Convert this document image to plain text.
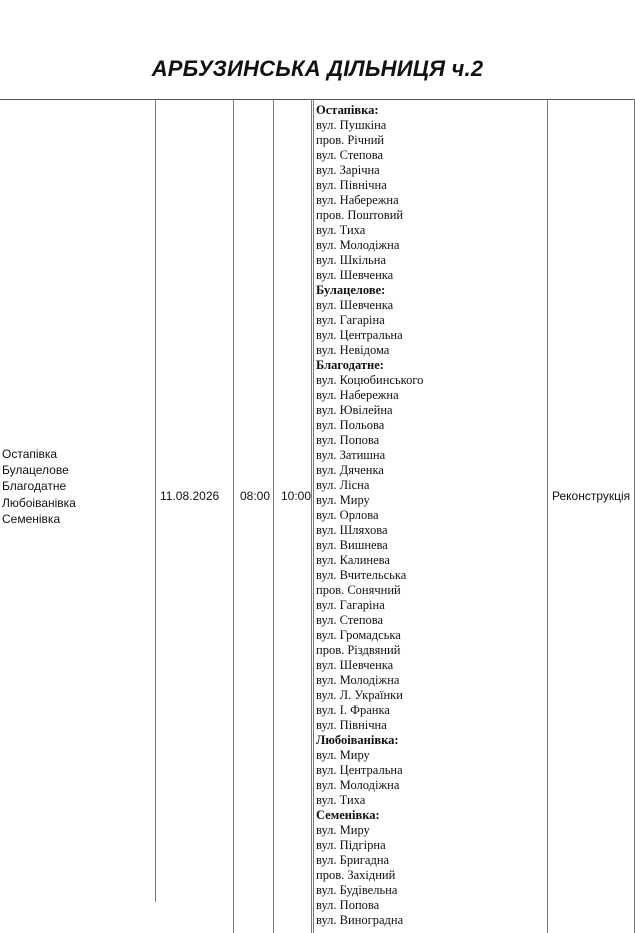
АРБУЗИНСЬКА ДІЛЬНИЦЯ ч.2
Остапівка
Булацелове
Благодатне
Любоіванівка
Семенівка
11.08.2026 08:00 10:00
Остапівка:
вул. Пушкіна
пров. Річний
вул. Степова
вул. Зарічна
вул. Північна
вул. Набережна
пров. Поштовий
вул. Тиха
вул. Молодіжна
вул. Шкільна
вул. Шевченка
Булацелове:
вул. Шевченка
вул. Гагаріна
вул. Центральна
вул. Невідома
Благодатне:
вул. Коцюбинського
вул. Набережна
вул. Ювілейна
вул. Польова
вул. Попова
вул. Затишна
вул. Дяченка
вул. Лісна
вул. Миру
вул. Орлова
вул. Шляхова
вул. Вишнева
вул. Калинева
вул. Вчительська
пров. Сонячний
вул. Гагаріна
вул. Степова
вул. Громадська
пров. Різдвяний
вул. Шевченка
вул. Молодіжна
вул. Л. Українки
вул. І. Франка
вул. Північна
Любоіванівка:
вул. Миру
вул. Центральна
вул. Молодіжна
вул. Тиха
Семенівка:
вул. Миру
вул. Підгірна
вул. Бригадна
пров. Західний
вул. Будівельна
вул. Попова
вул. Виноградна
Реконструкція
